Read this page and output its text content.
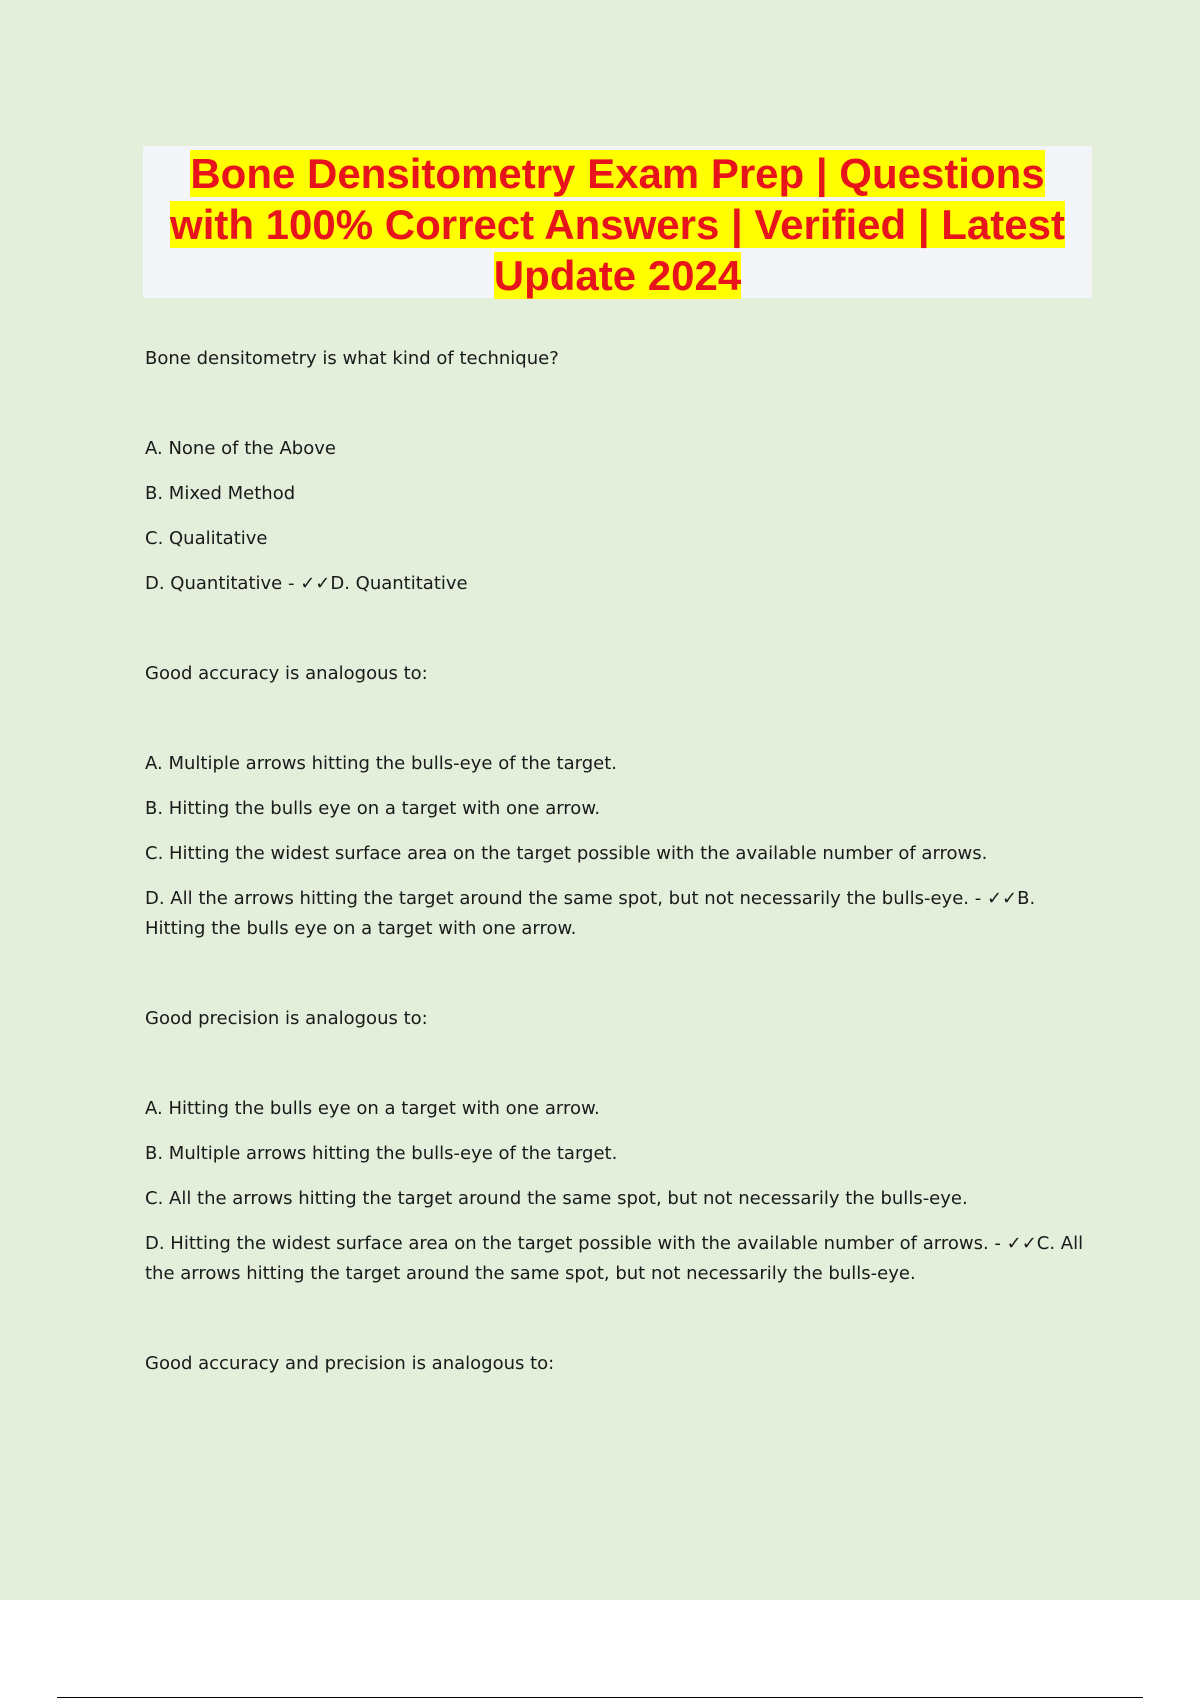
Bone Densitometry Exam Prep | Questions with 100% Correct Answers | Verified | Latest Update 2024

Bone densitometry is what kind of technique?

A. None of the Above
B. Mixed Method
C. Qualitative
D. Quantitative - ✓✓D. Quantitative

Good accuracy is analogous to:

A. Multiple arrows hitting the bulls-eye of the target.
B. Hitting the bulls eye on a target with one arrow.
C. Hitting the widest surface area on the target possible with the available number of arrows.
D. All the arrows hitting the target around the same spot, but not necessarily the bulls-eye. - ✓✓B. Hitting the bulls eye on a target with one arrow.

Good precision is analogous to:

A. Hitting the bulls eye on a target with one arrow.
B. Multiple arrows hitting the bulls-eye of the target.
C. All the arrows hitting the target around the same spot, but not necessarily the bulls-eye.
D. Hitting the widest surface area on the target possible with the available number of arrows. - ✓✓C. All the arrows hitting the target around the same spot, but not necessarily the bulls-eye.

Good accuracy and precision is analogous to:
